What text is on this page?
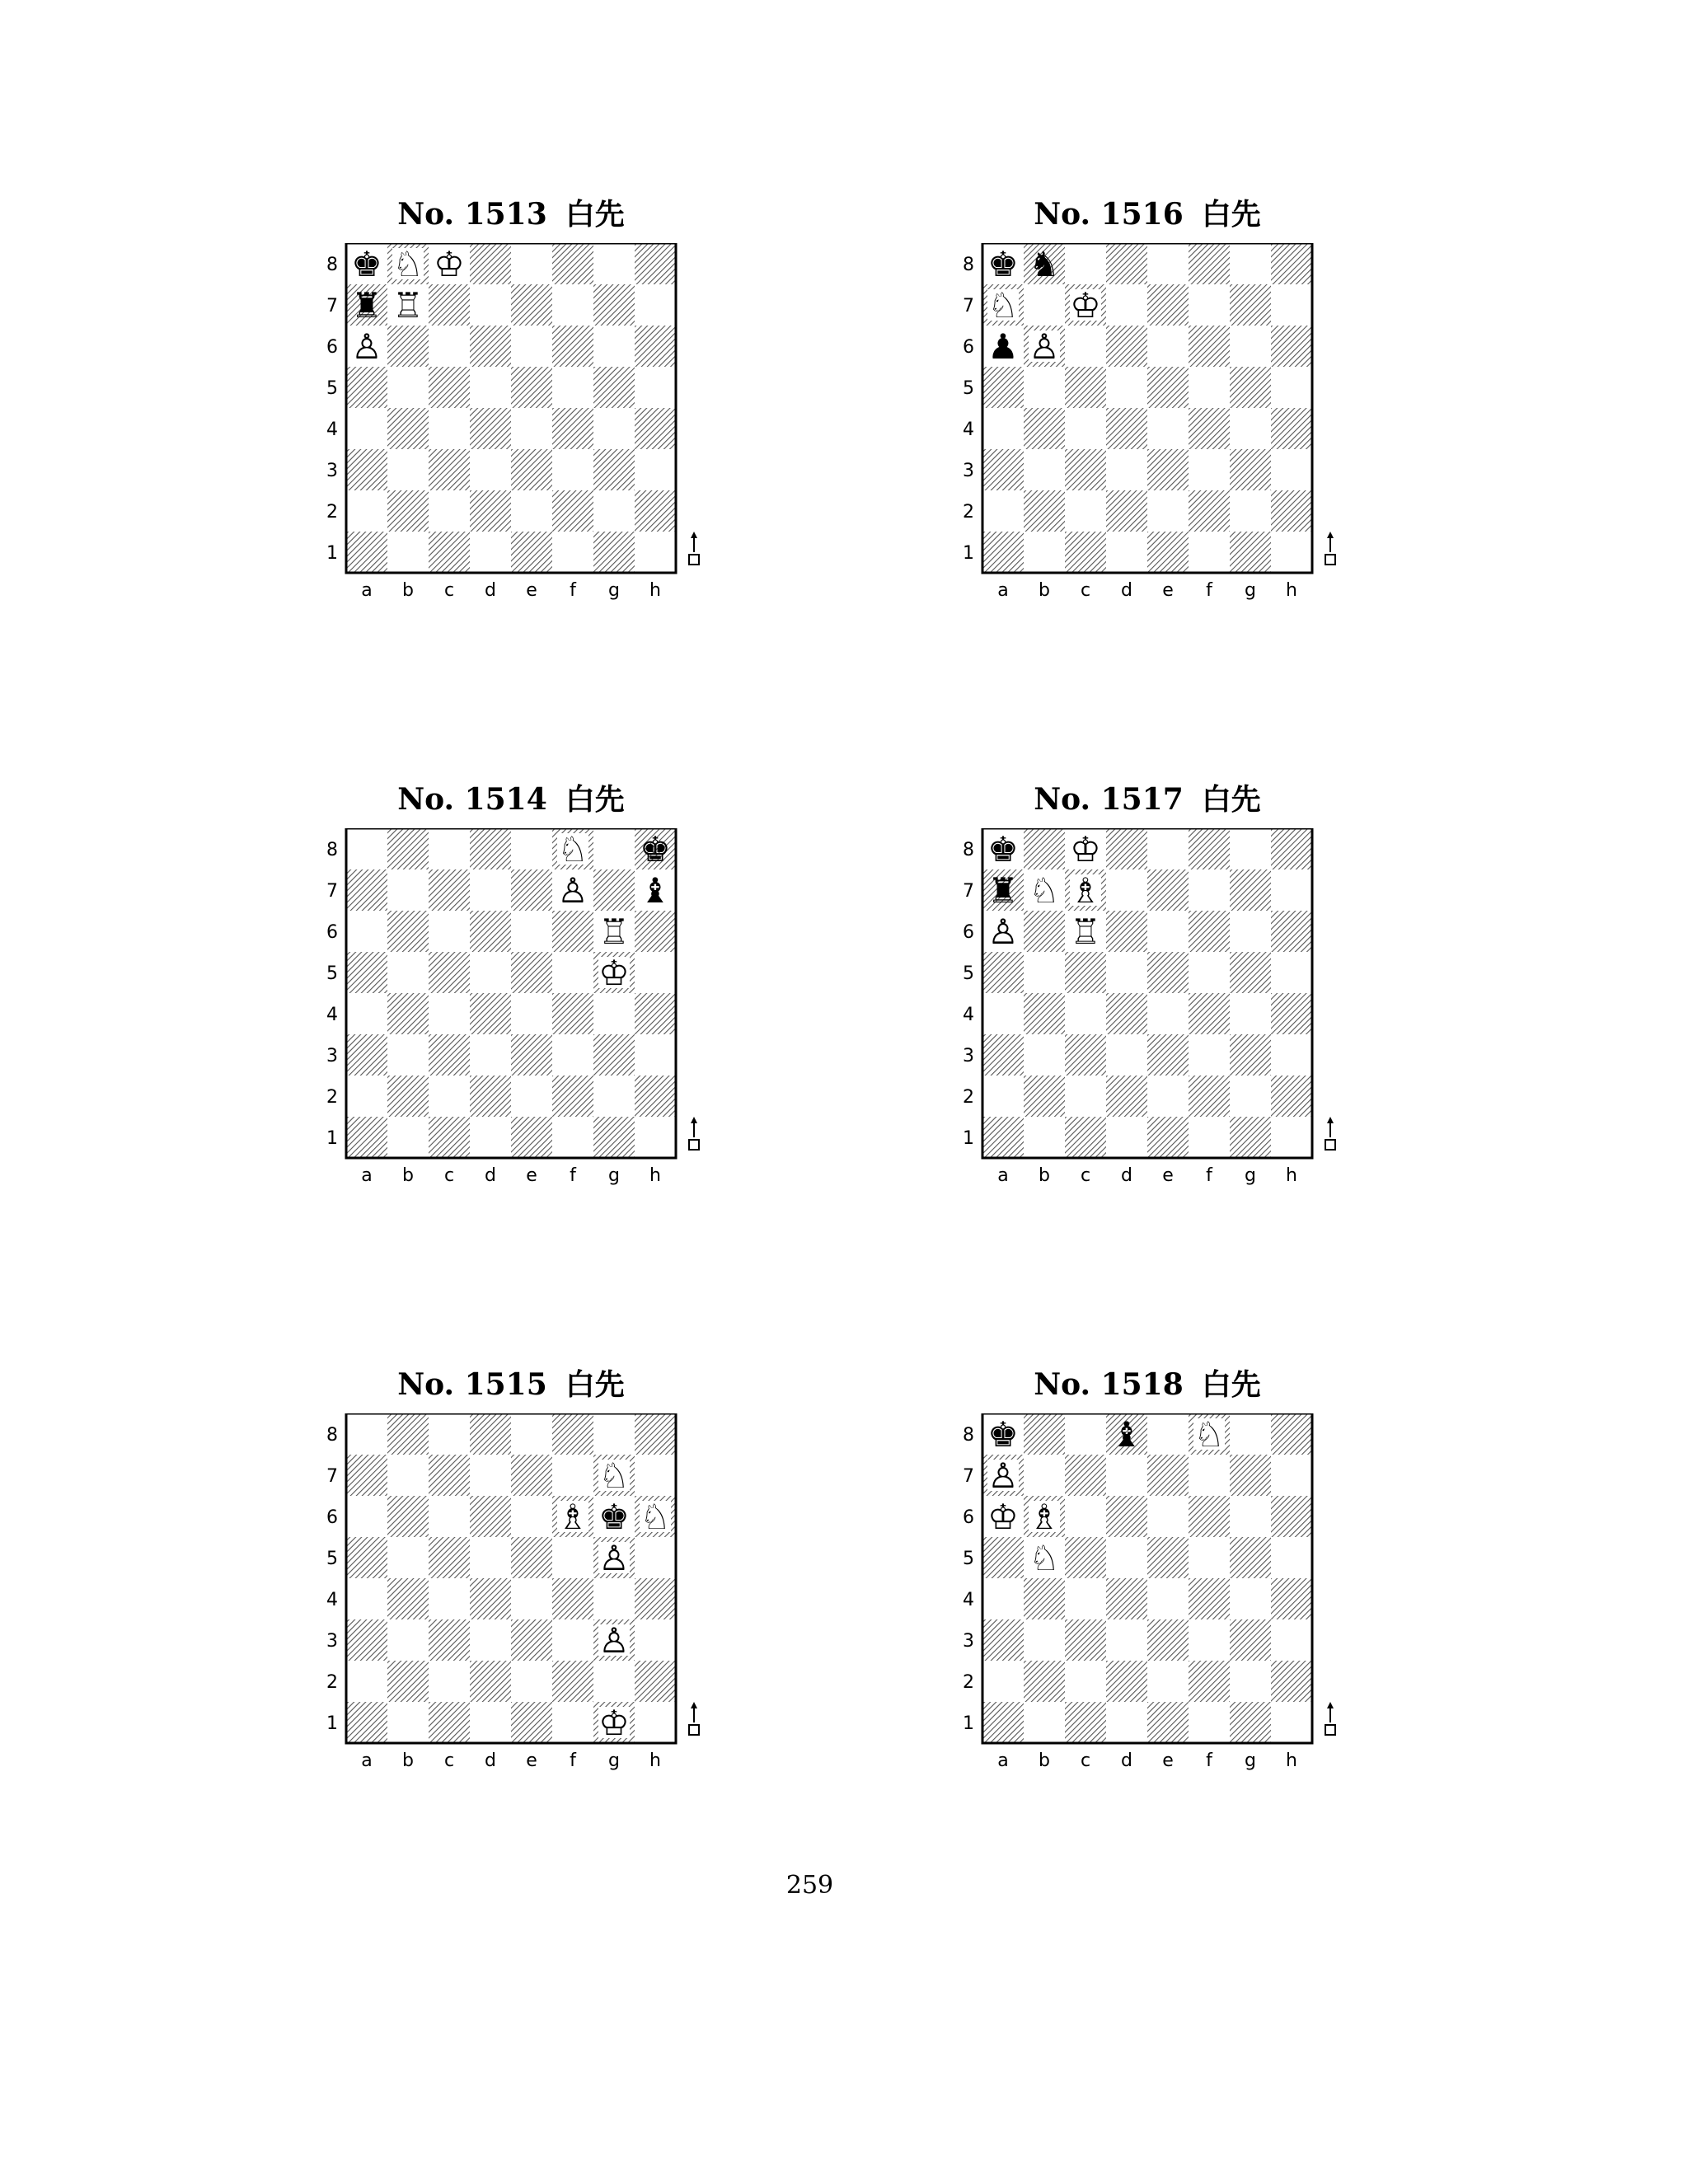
No. 1513 白先
♚ ♘ ♔
♜ ♖
♙
8
7
6
5
4
3
2
1
a b c d e f g h
No. 1514 白先
♘ ♚
♙ ♝
♖
♔
8
7
6
5
4
3
2
1
a b c d e f g h
No. 1515 白先
♘
♗ ♚ ♘
♙
♙
♔
8
7
6
5
4
3
2
1
a b c d e f g h
No. 1516 白先
♚ ♞
♘ ♔
♟ ♙
8
7
6
5
4
3
2
1
a b c d e f g h
No. 1517 白先
♚ ♔
♜ ♘ ♗
♙ ♖
8
7
6
5
4
3
2
1
a b c d e f g h
No. 1518 白先
♚	♝ ♘
♙
♔ ♗
♘
8
7
6
5
4
3
2
1
a b c d e f g h
259
